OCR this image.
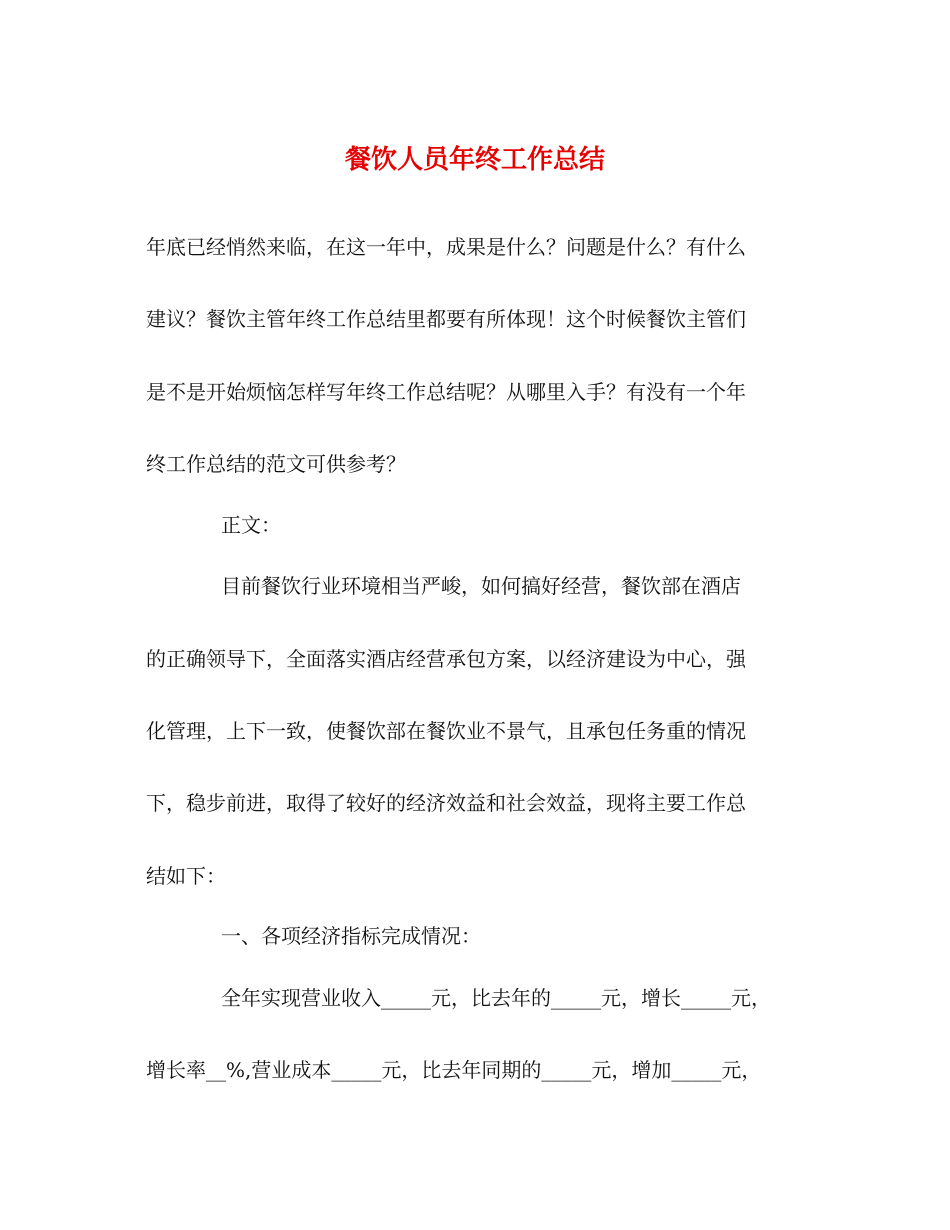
餐饮人员年终工作总结

年底已经悄然来临，在这一年中，成果是什么？问题是什么？有什么

建议？餐饮主管年终工作总结里都要有所体现！这个时候餐饮主管们

是不是开始烦恼怎样写年终工作总结呢？从哪里入手？有没有一个年

终工作总结的范文可供参考？

正文：

目前餐饮行业环境相当严峻，如何搞好经营，餐饮部在酒店

的正确领导下，全面落实酒店经营承包方案，以经济建设为中心，强

化管理，上下一致，使餐饮部在餐饮业不景气，且承包任务重的情况

下，稳步前进，取得了较好的经济效益和社会效益，现将主要工作总

结如下：

一、各项经济指标完成情况：

全年实现营业收入_____元，比去年的_____元，增长_____元，

增长率__%,营业成本_____元，比去年同期的_____元，增加_____元，
